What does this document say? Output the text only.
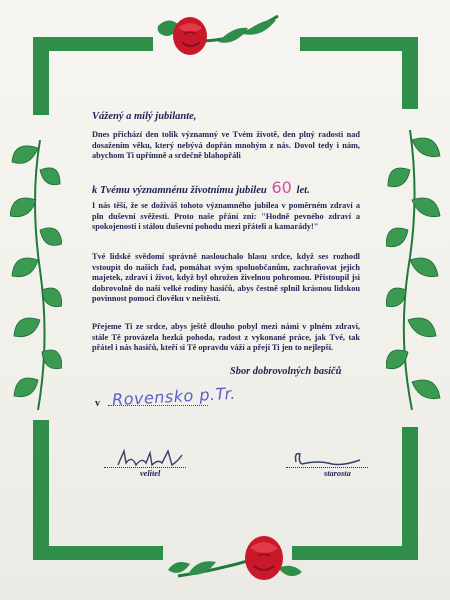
Vážený a milý jubilante,
Dnes přichází den tolik významný ve Tvém životě, den plný radosti nad dosažením věku, který nebývá dopřán mnohým z nás. Dovol tedy i nám, abychom Ti upřímně a srdečně blahopřáli
k Tvému významnénu životnímu jubileu 60 let.
I nás těší, že se dožíváš tohoto významného jubilea v poměrném zdraví a pln duševní svěžesti. Proto naše přání zní: "Hodně pevného zdraví a spokojenosti i stálou duševní pohodu mezi přáteli a kamarády!"
Tvé lidské svědomí správně naslouchalo hlasu srdce, když ses rozhodl vstoupit do našich řad, pomáhat svým spoluobčanům, zachraňovat jejich majetek, zdraví i život, když byl ohrožen živelnou pohromou. Přistoupil jsi dobrovolně do naší velké rodiny hasičů, abys čestně splnil krásnou lidskou povinnost pomoci člověku v neštěstí.
Přejeme Ti ze srdce, abys ještě dlouho pobyl mezi námi v plném zdraví, stále Tě provázela hezká pohoda, radost z vykonané práce, jak Tvé, tak přátel i nás hasičů, kteří si Tě opravdu váží a přejí Ti jen to nejlepší.
Sbor dobrovolných basičů
v Rovensko p.Tr.
velitel	starosta
